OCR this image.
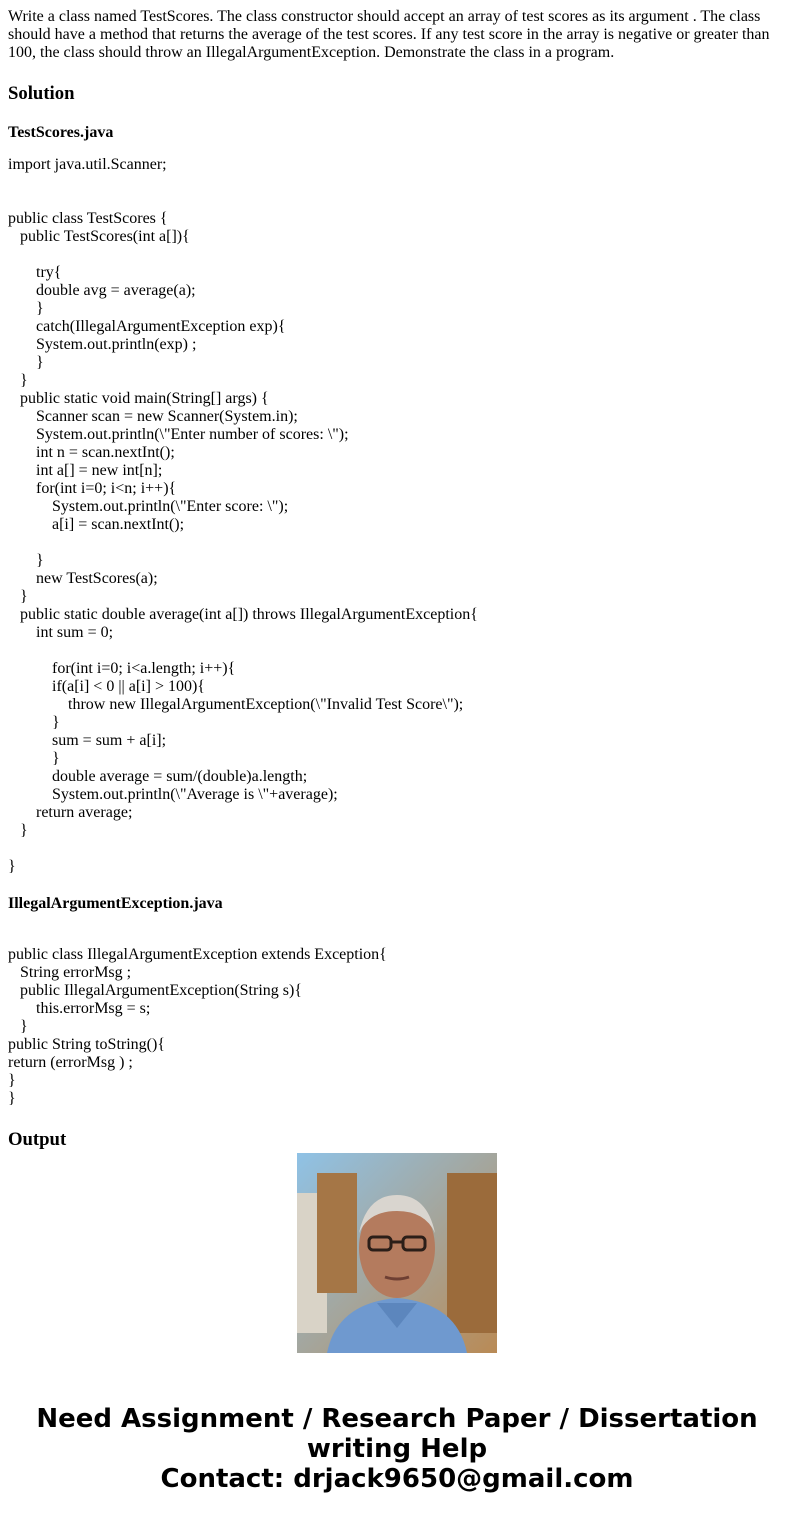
Write a class named TestScores. The class constructor should accept an array of test scores as its argument . The class should have a method that returns the average of the test scores. If any test score in the array is negative or greater than 100, the class should throw an IllegalArgumentException. Demonstrate the class in a program.

Solution
TestScores.java
import java.util.Scanner;

public class TestScores {
public TestScores(int a[]){

try{
double avg = average(a);
}
catch(IllegalArgumentException exp){
System.out.println(exp) ;
}
}
public static void main(String[] args) {
Scanner scan = new Scanner(System.in);
System.out.println(\"Enter number of scores: \");
int n = scan.nextInt();
int a[] = new int[n];
for(int i=0; i<n; i++){
System.out.println(\"Enter score: \");
a[i] = scan.nextInt();

}
new TestScores(a);
}
public static double average(int a[]) throws IllegalArgumentException{
int sum = 0;

for(int i=0; i<a.length; i++){
if(a[i] < 0 || a[i] > 100){
throw new IllegalArgumentException(\"Invalid Test Score\");
}
sum = sum + a[i];
}
double average = sum/(double)a.length;
System.out.println(\"Average is \"+average);
return average;
}

}
IllegalArgumentException.java

public class IllegalArgumentException extends Exception{
String errorMsg ;
public IllegalArgumentException(String s){
this.errorMsg = s;
}
public String toString(){
return (errorMsg ) ;
}
}
Output
Need Assignment / Research Paper / Dissertation
writing Help
Contact: drjack9650@gmail.com
